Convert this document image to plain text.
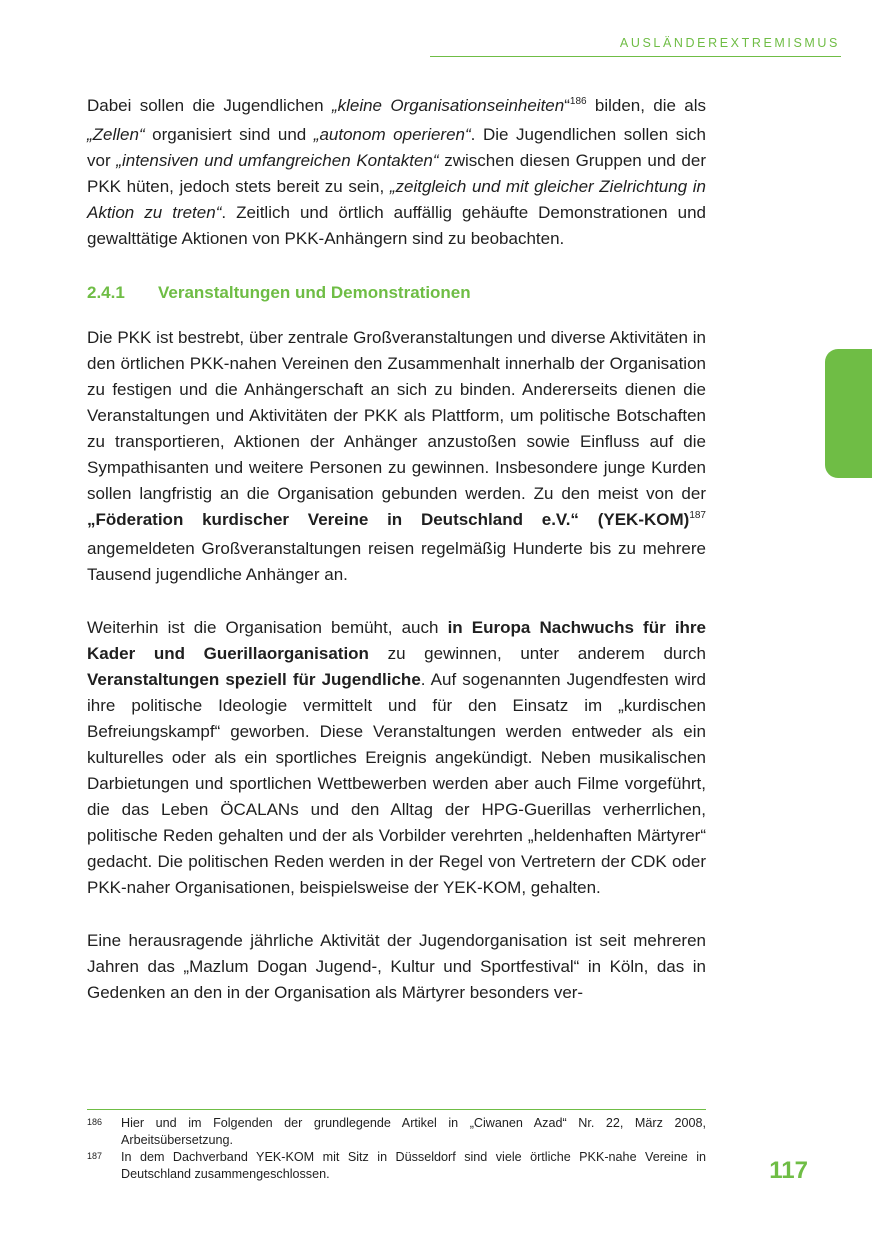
AUSLÄNDEREXTREMISMUS

Dabei sollen die Jugendlichen „kleine Organisationseinheiten“$^{186}$ bilden, die als „Zellen“ organisiert sind und „autonom operieren“. Die Jugendlichen sollen sich vor „intensiven und umfangreichen Kontakten“ zwischen diesen Gruppen und der PKK hüten, jedoch stets bereit zu sein, „zeitgleich und mit gleicher Zielrichtung in Aktion zu treten“. Zeitlich und örtlich auffällig gehäufte Demonstrationen und gewalttätige Aktionen von PKK-Anhängern sind zu beobachten.

2.4.1 Veranstaltungen und Demonstrationen

Die PKK ist bestrebt, über zentrale Großveranstaltungen und diverse Aktivitäten in den örtlichen PKK-nahen Vereinen den Zusammenhalt innerhalb der Organisation zu festigen und die Anhängerschaft an sich zu binden. Andererseits dienen die Veranstaltungen und Aktivitäten der PKK als Plattform, um politische Botschaften zu transportieren, Aktionen der Anhänger anzustoßen sowie Einfluss auf die Sympathisanten und weitere Personen zu gewinnen. Insbesondere junge Kurden sollen langfristig an die Organisation gebunden werden. Zu den meist von der „Föderation kurdischer Vereine in Deutschland e.V.“ $(YEK-KOM)^{187}$ angemeldeten Großveranstaltungen reisen regelmäßig Hunderte bis zu mehrere Tausend jugendliche Anhänger an.

Weiterhin ist die Organisation bemüht, auch in Europa Nachwuchs für ihre Kader und Guerillaorganisation zu gewinnen, unter anderem durch Veranstaltungen speziell für Jugendliche. Auf sogenannten Jugendfesten wird ihre politische Ideologie vermittelt und für den Einsatz im „kurdischen Befreiungskampf“ geworben. Diese Veranstaltungen werden entweder als ein kulturelles oder als ein sportliches Ereignis angekündigt. Neben musikalischen Darbietungen und sportlichen Wettbewerben werden aber auch Filme vorgeführt, die das Leben ÖCALANs und den Alltag der HPG-Guerillas verherrlichen, politische Reden gehalten und der als Vorbilder verehrten „heldenhaften Märtyrer“ gedacht. Die politischen Reden werden in der Regel von Vertretern der CDK oder PKK-naher Organisationen, beispielsweise der YEK-KOM, gehalten.

Eine herausragende jährliche Aktivität der Jugendorganisation ist seit mehreren Jahren das „Mazlum Dogan Jugend-, Kultur und Sportfestival“ in Köln, das in Gedenken an den in der Organisation als Märtyrer besonders ver-

186	Hier und im Folgenden der grundlegende Artikel in „Ciwanen Azad“ Nr. 22, März 2008, Arbeitsübersetzung.
187	In dem Dachverband YEK-KOM mit Sitz in Düsseldorf sind viele örtliche PKK-nahe Vereine in Deutschland zusammengeschlossen.	117
